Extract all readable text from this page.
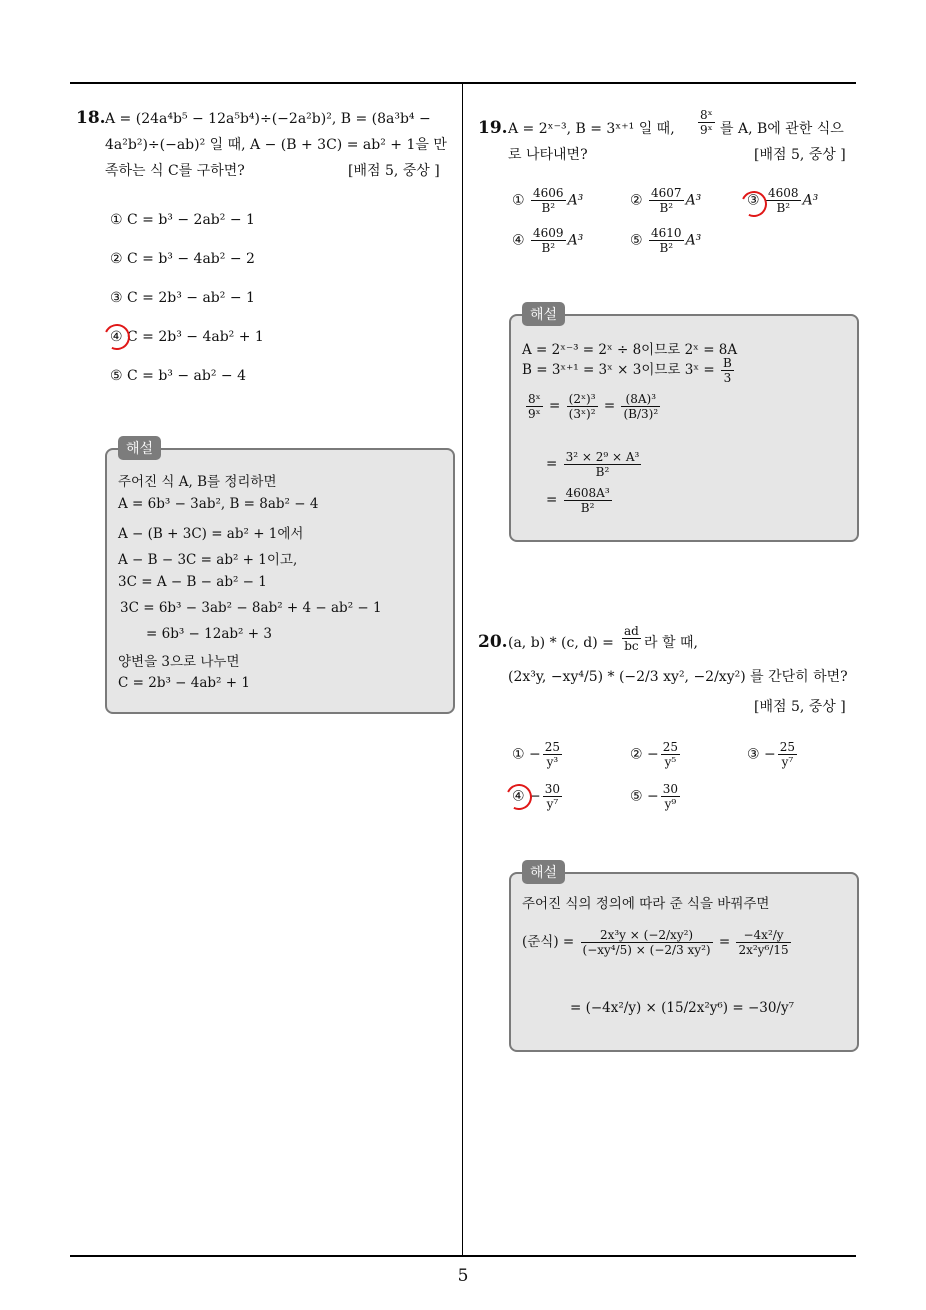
5
18. A = (24a⁴b⁵ − 12a⁵b⁴)÷(−2a²b)², B = (8a³b⁴ −
4a²b²)÷(−ab)² 일 때, A − (B + 3C) = ab² + 1을 만
족하는 식 C를 구하면?	[배점 5, 중상 ]
① C = b³ − 2ab² − 1
② C = b³ − 4ab² − 2
③ C = 2b³ − ab² − 1
④ C = 2b³ − 4ab² + 1
⑤ C = b³ − ab² − 4
해설
주어진 식 A, B를 정리하면
A = 6b³ − 3ab², B = 8ab² − 4
A − (B + 3C) = ab² + 1에서
A − B − 3C = ab² + 1이고,
3C = A − B − ab² − 1
3C = 6b³ − 3ab² − 8ab² + 4 − ab² − 1
= 6b³ − 12ab² + 3
양변을 3으로 나누면
C = 2b³ − 4ab² + 1
19. A = 2ˣ⁻³, B = 3ˣ⁺¹ 일 때, $\frac{\text{8ˣ}}{\text{9ˣ}}$ 를 A, B에 관한 식으
로 나타내면?	[배점 5, 중상 ]
① $\frac{4606}{\text{B²}} A^3$	② $\frac{4607}{\text{B²}} A^3$	③ $\frac{4608}{\text{B²}} A^3$
④ $\frac{4609}{\text{B²}} A^3$	⑤ $\frac{4610}{\text{B²}} A^3$
해설
A = 2ˣ⁻³ = 2ˣ ÷ 8이므로 2ˣ = 8A
B = 3ˣ⁺¹ = 3ˣ × 3이므로 3ˣ = $\frac{B}{3}$
$\frac{\text{8ˣ}}{\text{9ˣ}} = \frac{\text{(2ˣ)³}}{\text{(3ˣ)²}} = \frac{\text{(8A)³}}{\text{(B/3)²}}$
= $\frac{\text{3² × 2⁹ × A³}}{\text{B²}}$
= $\frac{\text{4608A³}}{\text{B²}}$
20. (a, b) * (c, $d) = \frac{ad}{bc}$ 라 할 때,
(2x³y, −xy⁴/5) * (−2/3 xy², −2/xy²) 를 간단히 하면?
[배점 5, 중상 ]
① − $\frac{25}{\text{y³}}$	② − $\frac{25}{\text{y⁵}}$	③ − $\frac{25}{\text{y⁷}}$
④ − $\frac{30}{\text{y⁷}}$	⑤ − $\frac{30}{\text{y⁹}}$
해설
주어진 식의 정의에 따라 준 식을 바꿔주면
(준식) = $\frac{\text{2x³y × (−2/xy²)}}{\text{(−xy⁴/5) × (−2/3 xy²)}} = \frac{\text{−4x²/y}}{\text{2x²y⁶/15}}$
= (−4x²/y) × (15/2x²y⁶) = −30/y⁷
